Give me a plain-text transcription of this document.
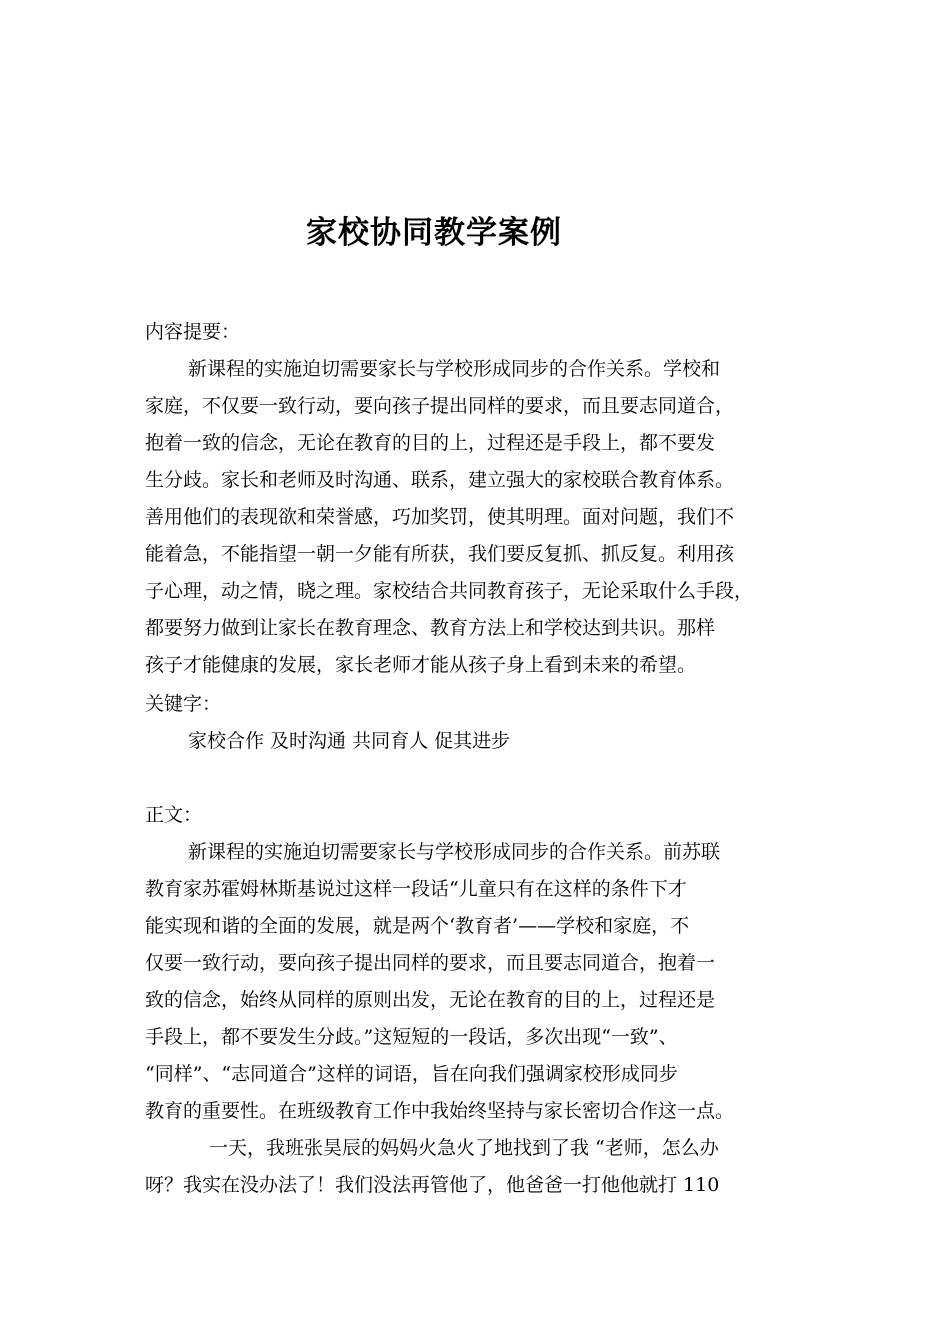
家校协同教学案例

内容提要：

新课程的实施迫切需要家长与学校形成同步的合作关系。学校和

家庭，不仅要一致行动，要向孩子提出同样的要求，而且要志同道合，

抱着一致的信念，无论在教育的目的上，过程还是手段上，都不要发

生分歧。家长和老师及时沟通、联系，建立强大的家校联合教育体系。

善用他们的表现欲和荣誉感，巧加奖罚，使其明理。面对问题，我们不

能着急，不能指望一朝一夕能有所获，我们要反复抓、抓反复。利用孩

子心理，动之情，晓之理。家校结合共同教育孩子，无论采取什么手段，

都要努力做到让家长在教育理念、教育方法上和学校达到共识。那样

孩子才能健康的发展，家长老师才能从孩子身上看到未来的希望。

关键字：

家校合作 及时沟通 共同育人 促其进步

正文：

新课程的实施迫切需要家长与学校形成同步的合作关系。前苏联

教育家苏霍姆林斯基说过这样一段话“儿童只有在这样的条件下才

能实现和谐的全面的发展，就是两个‘教育者’——学校和家庭，不

仅要一致行动，要向孩子提出同样的要求，而且要志同道合，抱着一

致的信念，始终从同样的原则出发，无论在教育的目的上，过程还是

手段上，都不要发生分歧。”这短短的一段话，多次出现“一致”、

“同样”、“志同道合”这样的词语，旨在向我们强调家校形成同步

教育的重要性。在班级教育工作中我始终坚持与家长密切合作这一点。

一天，我班张昊辰的妈妈火急火了地找到了我 “老师，怎么办

呀？我实在没办法了！我们没法再管他了，他爸爸一打他他就打 110
